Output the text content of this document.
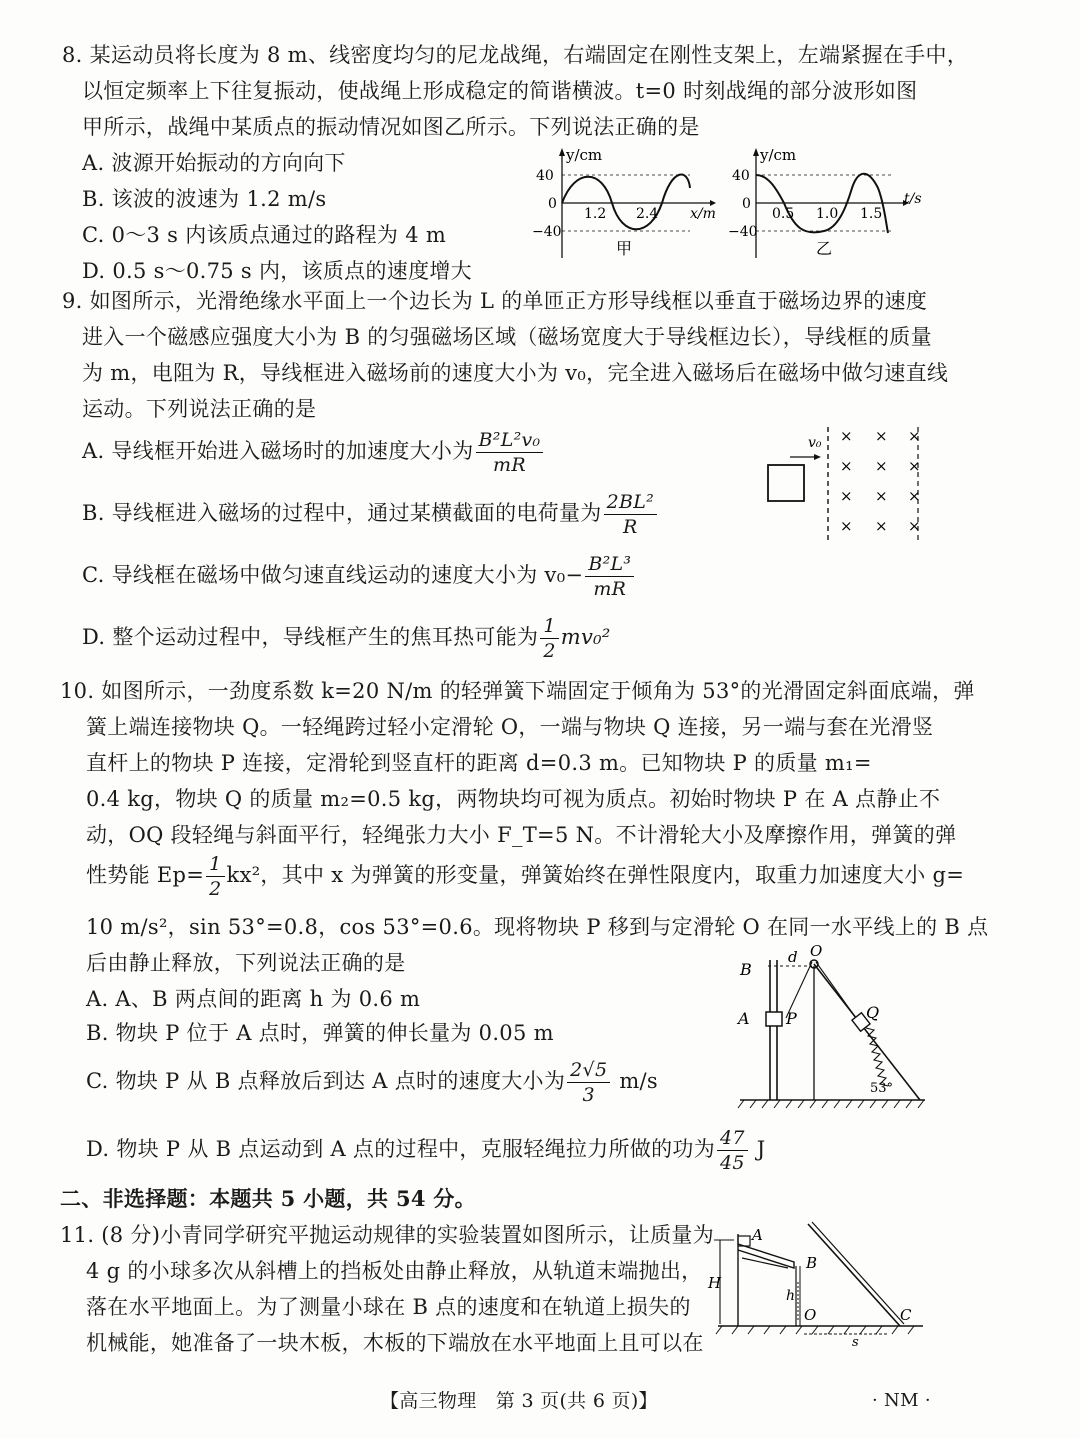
8. 某运动员将长度为 8 m、线密度均匀的尼龙战绳，右端固定在刚性支架上，左端紧握在手中，
以恒定频率上下往复振动，使战绳上形成稳定的简谐横波。t=0 时刻战绳的部分波形如图
甲所示，战绳中某质点的振动情况如图乙所示。下列说法正确的是
A. 波源开始振动的方向向下
B. 该波的波速为 1.2 m/s
C. 0～3 s 内该质点通过的路程为 4 m
D. 0.5 s～0.75 s 内，该质点的速度增大
y/cm
40
0
−40
1.2 2.4 x/m
甲
y/cm
40
0
−40
0.5 1.0 1.5
t/s
乙
9. 如图所示，光滑绝缘水平面上一个边长为 L 的单匝正方形导线框以垂直于磁场边界的速度
进入一个磁感应强度大小为 B 的匀强磁场区域（磁场宽度大于导线框边长），导线框的质量
为 m，电阻为 R，导线框进入磁场前的速度大小为 v₀，完全进入磁场后在磁场中做匀速直线
运动。下列说法正确的是
A. 导线框开始进入磁场时的加速度大小为 $\frac{\text{B²L²v₀}}{mR}$
B. 导线框进入磁场的过程中，通过某横截面的电荷量为 $\frac{\text{2BL²}}{R}$
C. 导线框在磁场中做匀速直线运动的速度大小为 $v_0- \frac{\text{B²L³}}{mR}$
D. 整个运动过程中，导线框产生的焦耳热可能为 $\frac{1}{2} mv_0^2$
v₀ × × ×
× × ×
× × ×
× × ×
10. 如图所示，一劲度系数 k=20 N/m 的轻弹簧下端固定于倾角为 53°的光滑固定斜面底端，弹
簧上端连接物块 Q。一轻绳跨过轻小定滑轮 O，一端与物块 Q 连接，另一端与套在光滑竖
直杆上的物块 P 连接，定滑轮到竖直杆的距离 d=0.3 m。已知物块 P 的质量 m₁=
0.4 kg，物块 Q 的质量 m₂=0.5 kg，两物块均可视为质点。初始时物块 P 在 A 点静止不
动，OQ 段轻绳与斜面平行，轻绳张力大小 F_T=5 N。不计滑轮大小及摩擦作用，弹簧的弹
性势能 $Ep= \frac{1}{2} kx^2$，其中 x 为弹簧的形变量，弹簧始终在弹性限度内，取重力加速度大小 g=
10 m/s²，sin 53°=0.8，cos 53°=0.6。现将物块 P 移到与定滑轮 O 在同一水平线上的 B 点
后由静止释放，下列说法正确的是
A. A、B 两点间的距离 h 为 0.6 m
B. 物块 P 位于 A 点时，弹簧的伸长量为 0.05 m
C. 物块 P 从 B 点释放后到达 A 点时的速度大小为 $\frac{2√5}{3} m/s$
D. 物块 P 从 B 点运动到 A 点的过程中，克服轻绳拉力所做的功为 $\frac{47}{45}$ J
B
d O
A P	Q
53°
二、非选择题：本题共 5 小题，共 54 分。
11. (8 分)小青同学研究平抛运动规律的实验装置如图所示，让质量为
4 g 的小球多次从斜槽上的挡板处由静止释放，从轨道末端抛出，
落在水平地面上。为了测量小球在 B 点的速度和在轨道上损失的
机械能，她准备了一块木板，木板的下端放在水平地面上且可以在
A
B
H
h
O	C
s
【高三物理　第 3 页(共 6 页)】	· NM ·
